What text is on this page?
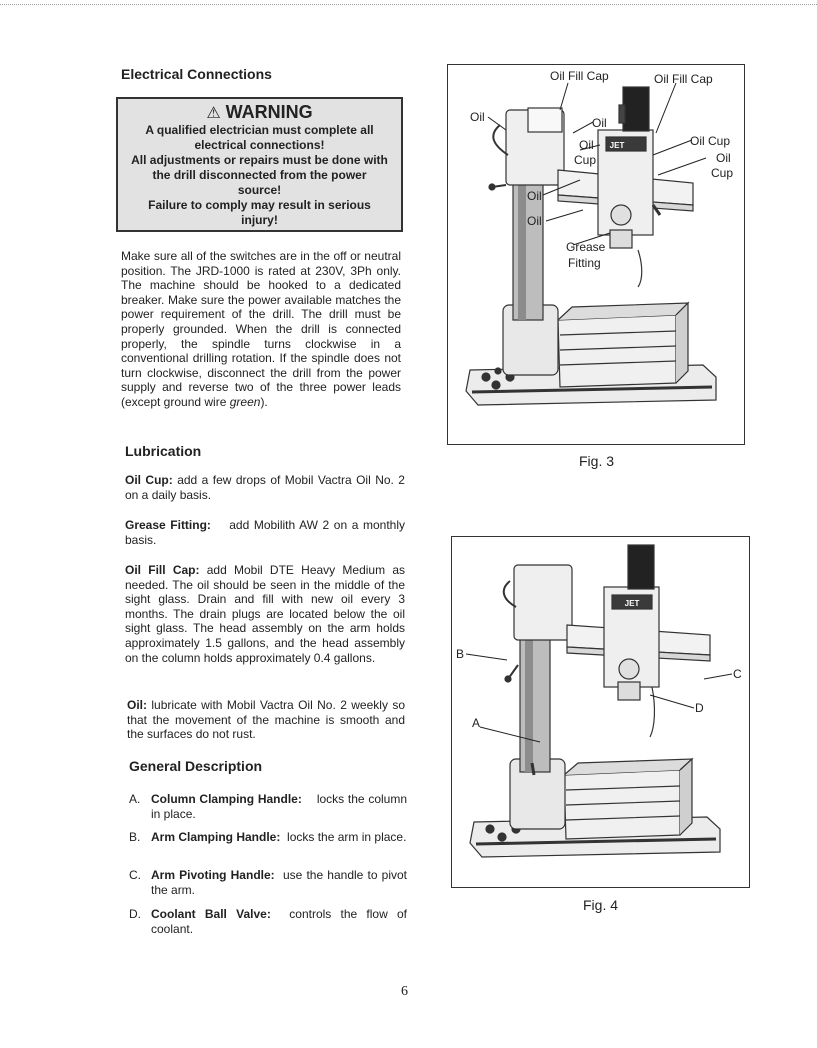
Electrical Connections
⚠ WARNING
A qualified electrician must complete all
electrical connections!
All adjustments or repairs must be done with
the drill disconnected from the power
source!
Failure to comply may result in serious
injury!

Make sure all of the switches are in the off or neutral position. The JRD-1000 is rated at 230V, 3Ph only. The machine should be hooked to a dedicated breaker. Make sure the power available matches the power requirement of the drill. The drill must be properly grounded. When the drill is connected properly, the spindle turns clockwise in a conventional drilling rotation. If the spindle does not turn clockwise, disconnect the drill from the power supply and reverse two of the three power leads (except ground wire green).

Lubrication

Oil Cup: add a few drops of Mobil Vactra Oil No. 2 on a daily basis.

Grease Fitting: add Mobilith AW 2 on a monthly basis.

Oil Fill Cap: add Mobil DTE Heavy Medium as needed. The oil should be seen in the middle of the sight glass. Drain and fill with new oil every 3 months. The drain plugs are located below the oil sight glass. The head assembly on the arm holds approximately 1.5 gallons, and the head assembly on the column holds approximately 0.4 gallons.

Oil: lubricate with Mobil Vactra Oil No. 2 weekly so that the movement of the machine is smooth and the surfaces do not rust.

General Description
A. Column Clamping Handle: locks the column in place.
B. Arm Clamping Handle: locks the arm in place.
C. Arm Pivoting Handle: use the handle to pivot the arm.
D. Coolant Ball Valve: controls the flow of coolant.
JET
Oil Fill Cap	Oil Fill Cap
Oil	Oil
Oil
Cup
Oil Cup
Oil
Cup
Oil
Oil
Grease
Fitting
Fig. 3
JET
A
B
C
D
Fig. 4
6
